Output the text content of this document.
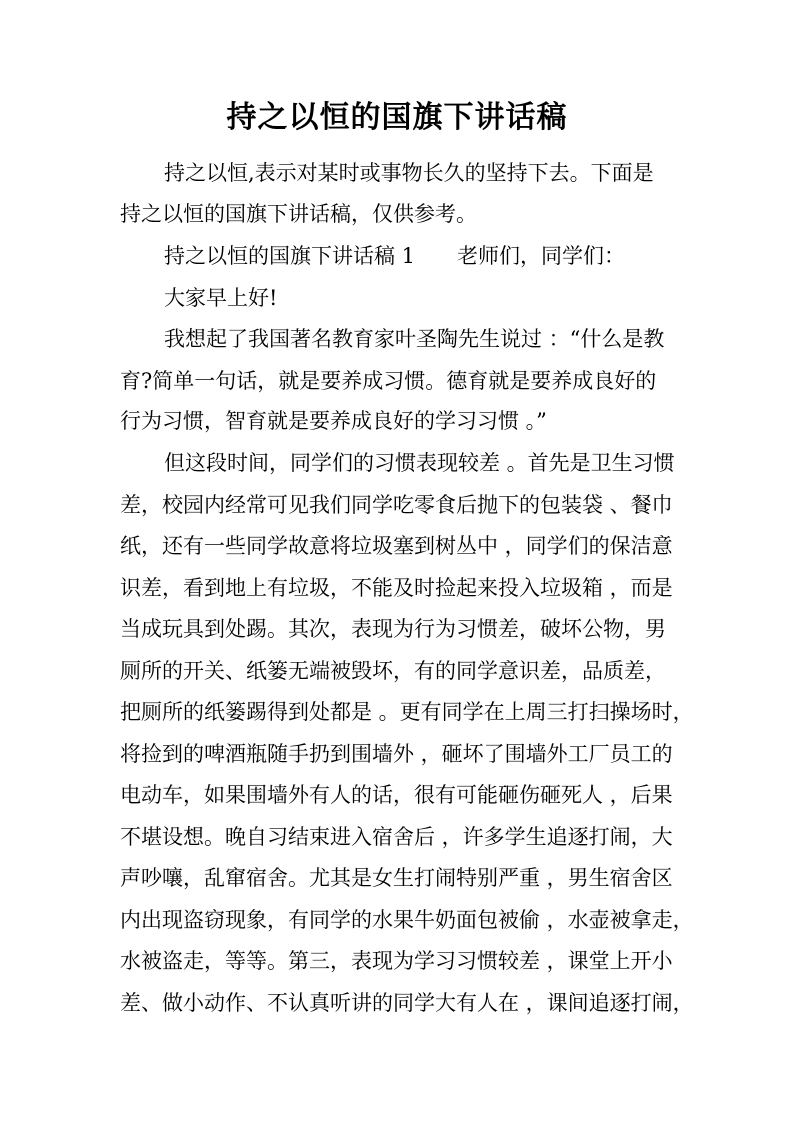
持之以恒的国旗下讲话稿

持之以恒,表示对某时或事物长久的坚持下去。下面是

持之以恒的国旗下讲话稿，仅供参考。

持之以恒的国旗下讲话稿 1　　老师们，同学们：

大家早上好!

我想起了我国著名教育家叶圣陶先生说过 ：“什么是教

育?简单一句话，就是要养成习惯。德育就是要养成良好的

行为习惯，智育就是要养成良好的学习习惯 。”

但这段时间，同学们的习惯表现较差 。首先是卫生习惯

差，校园内经常可见我们同学吃零食后抛下的包装袋 、餐巾

纸，还有一些同学故意将垃圾塞到树丛中 ，同学们的保洁意

识差，看到地上有垃圾，不能及时捡起来投入垃圾箱 ，而是

当成玩具到处踢。其次，表现为行为习惯差，破坏公物，男

厕所的开关、纸篓无端被毁坏，有的同学意识差，品质差，

把厕所的纸篓踢得到处都是 。更有同学在上周三打扫操场时，

将捡到的啤酒瓶随手扔到围墙外 ，砸坏了围墙外工厂员工的

电动车，如果围墙外有人的话，很有可能砸伤砸死人 ，后果

不堪设想。晚自习结束进入宿舍后 ，许多学生追逐打闹，大

声吵嚷，乱窜宿舍。尤其是女生打闹特别严重 ，男生宿舍区

内出现盗窃现象，有同学的水果牛奶面包被偷 ，水壶被拿走，

水被盗走，等等。第三，表现为学习习惯较差 ，课堂上开小

差、做小动作、不认真听讲的同学大有人在 ，课间追逐打闹，
